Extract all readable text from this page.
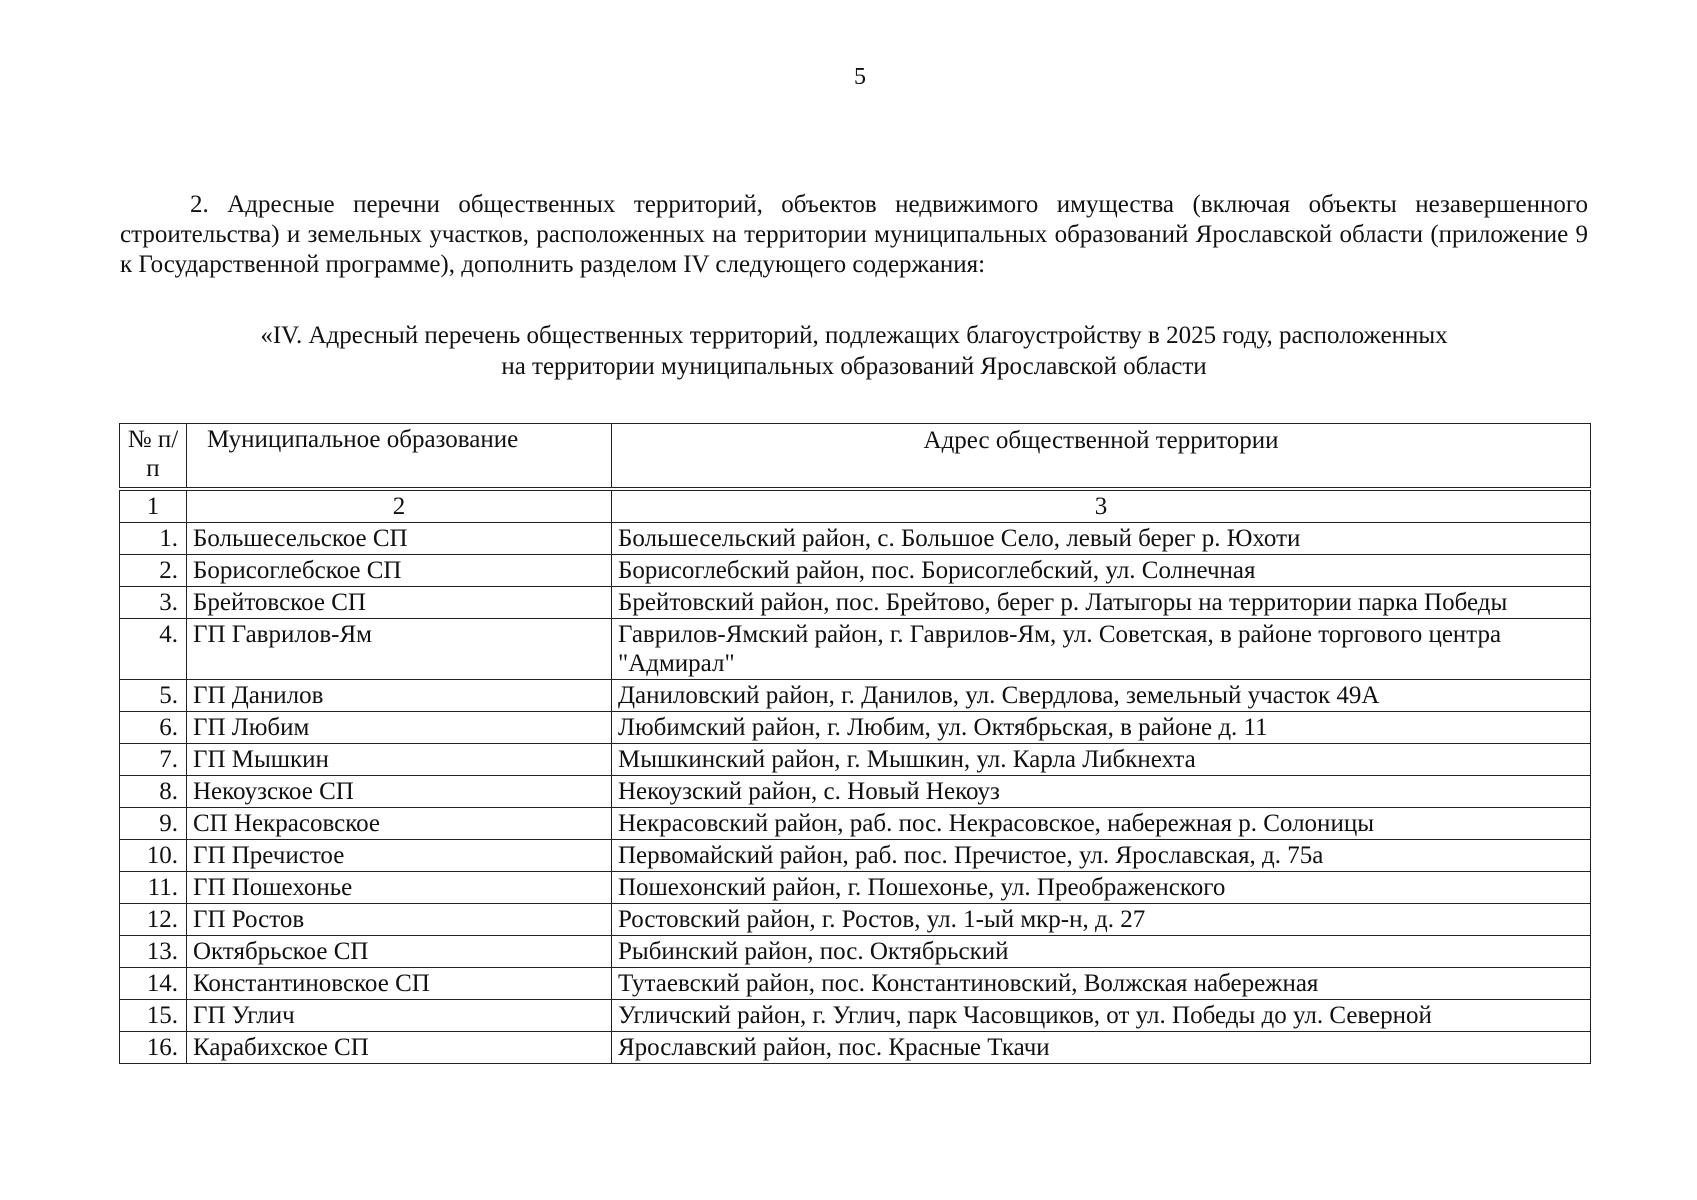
5

2. Адресные перечни общественных территорий, объектов недвижимого имущества (включая объекты незавершенного строительства) и земельных участков, расположенных на территории муниципальных образований Ярославской области (приложение 9 к Государственной программе), дополнить разделом IV следующего содержания:

«IV. Адресный перечень общественных территорий, подлежащих благоустройству в 2025 году, расположенных
на территории муниципальных образований Ярославской области
№ п/п	Муниципальное образование	Адрес общественной территории
1	2	3
1.	Большесельское СП	Большесельский район, с. Большое Село, левый берег р. Юхоти
2.	Борисоглебское СП	Борисоглебский район, пос. Борисоглебский, ул. Солнечная
3.	Брейтовское СП	Брейтовский район, пос. Брейтово, берег р. Латыгоры на территории парка Победы
4.	ГП Гаврилов-Ям	Гаврилов-Ямский район, г. Гаврилов-Ям, ул. Советская, в районе торгового центра "Адмирал"
5.	ГП Данилов	Даниловский район, г. Данилов, ул. Свердлова, земельный участок 49А
6.	ГП Любим	Любимский район, г. Любим, ул. Октябрьская, в районе д. 11
7.	ГП Мышкин	Мышкинский район, г. Мышкин, ул. Карла Либкнехта
8.	Некоузское СП	Некоузский район, с. Новый Некоуз
9.	СП Некрасовское	Некрасовский район, раб. пос. Некрасовское, набережная р. Солоницы
10.	ГП Пречистое	Первомайский район, раб. пос. Пречистое, ул. Ярославская, д. 75а
11.	ГП Пошехонье	Пошехонский район, г. Пошехонье, ул. Преображенского
12.	ГП Ростов	Ростовский район, г. Ростов, ул. 1-ый мкр-н, д. 27
13.	Октябрьское СП	Рыбинский район, пос. Октябрьский
14.	Константиновское СП	Тутаевский район, пос. Константиновский, Волжская набережная
15.	ГП Углич	Угличский район, г. Углич, парк Часовщиков, от ул. Победы до ул. Северной
16.	Карабихское СП	Ярославский район, пос. Красные Ткачи
